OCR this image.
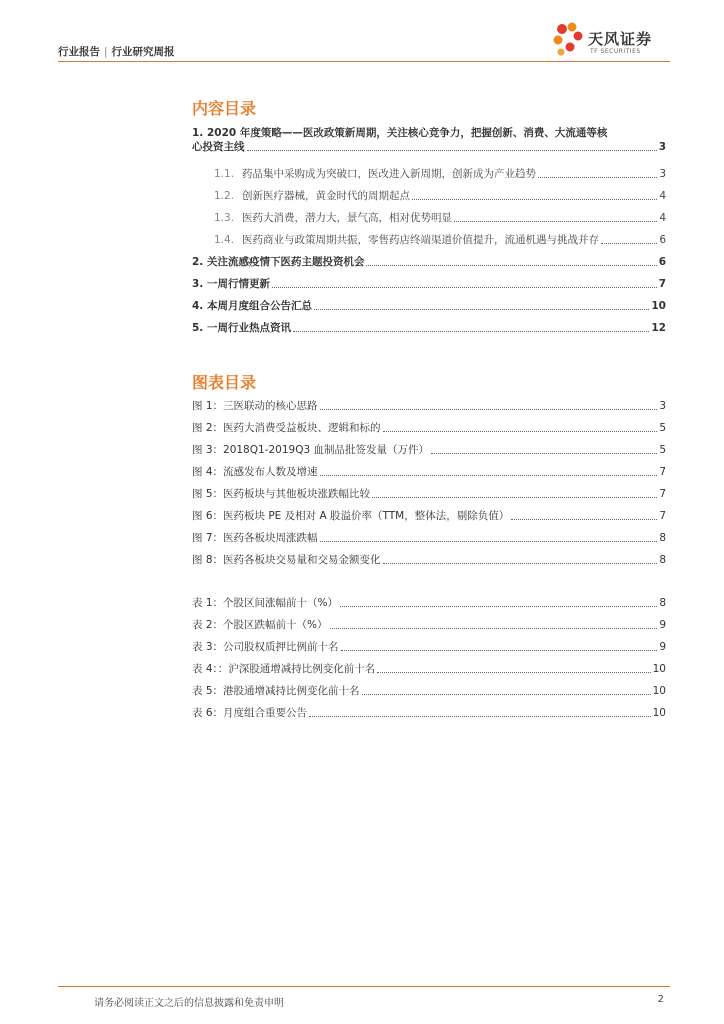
行业报告 | 行业研究周报
天风证券
TF SECURITIES
内容目录
1. 2020 年度策略——医改政策新周期，关注核心竞争力，把握创新、消费、大流通等核
心投资主线	3
1.1. 药品集中采购成为突破口，医改进入新周期，创新成为产业趋势	3
1.2. 创新医疗器械，黄金时代的周期起点	4
1.3. 医药大消费，潜力大，景气高，相对优势明显	4
1.4. 医药商业与政策周期共振，零售药店终端渠道价值提升，流通机遇与挑战并存	6
2. 关注流感疫情下医药主题投资机会	6
3. 一周行情更新	7
4. 本周月度组合公告汇总	10
5. 一周行业热点资讯	12
图表目录
图 1：三医联动的核心思路	3
图 2：医药大消费受益板块、逻辑和标的	5
图 3：2018Q1-2019Q3 血制品批签发量（万件）	5
图 4：流感发布人数及增速	7
图 5：医药板块与其他板块涨跌幅比较	7
图 6：医药板块 PE 及相对 A 股溢价率（TTM，整体法，剔除负值）	7
图 7：医药各板块周涨跌幅	8
图 8：医药各板块交易量和交易金额变化	8
表 1：个股区间涨幅前十（%）	8
表 2：个股区跌幅前十（%）	9
表 3：公司股权质押比例前十名	9
表 4：：沪深股通增减持比例变化前十名	10
表 5：港股通增减持比例变化前十名	10
表 6：月度组合重要公告	10
请务必阅读正文之后的信息披露和免责申明	2
